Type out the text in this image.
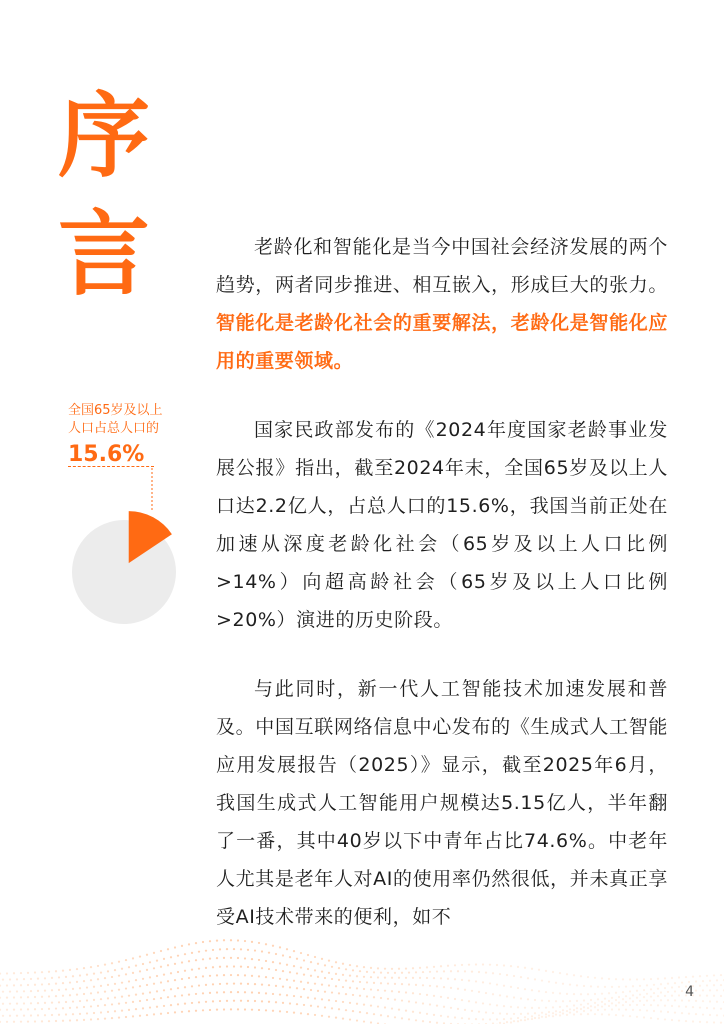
序
言
全国65岁及以上
人口占总人口的
15.6%

老龄化和智能化是当今中国社会经济发展的两个趋势，两者同步推进、相互嵌入，形成巨大的张力。智能化是老龄化社会的重要解法，老龄化是智能化应用的重要领域。

国家民政部发布的《2024年度国家老龄事业发展公报》指出，截至2024年末，全国65岁及以上人口达2.2亿人，占总人口的15.6%，我国当前正处在加速从深度老龄化社会（65岁及以上人口比例>14%）向超高龄社会（65岁及以上人口比例>20%）演进的历史阶段。

与此同时，新一代人工智能技术加速发展和普及。中国互联网络信息中心发布的《生成式人工智能应用发展报告（2025）》显示，截至2025年6月，我国生成式人工智能用户规模达5.15亿人，半年翻了一番，其中40岁以下中青年占比74.6%。中老年人尤其是老年人对AI的使用率仍然很低，并未真正享受AI技术带来的便利，如不

4
